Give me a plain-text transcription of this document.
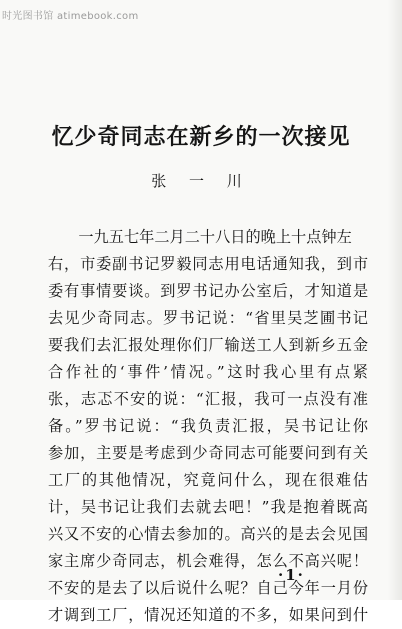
时光图书馆 atimebook.com
忆少奇同志在新乡的一次接见
张 一 川
　　一九五七年二月二十八日的晚上十点钟左
右，市委副书记罗毅同志用电话通知我，到市
委有事情要谈。到罗书记办公室后，才知道是
去见少奇同志。罗书记说：“省里吴芝圃书记
要我们去汇报处理你们厂输送工人到新乡五金
合作社的‘事件’情况。”这时我心里有点紧
张，志忑不安的说：“汇报，我可一点没有准
备。”罗书记说：“我负责汇报，吴书记让你
参加，主要是考虑到少奇同志可能要问到有关
工厂的其他情况，究竟问什么，现在很难估
计，吴书记让我们去就去吧！”我是抱着既高
兴又不安的心情去参加的。高兴的是去会见国
家主席少奇同志，机会难得，怎么不高兴呢！
不安的是去了以后说什么呢？自己今年一月份
才调到工厂，情况还知道的不多，如果问到什
·1·
